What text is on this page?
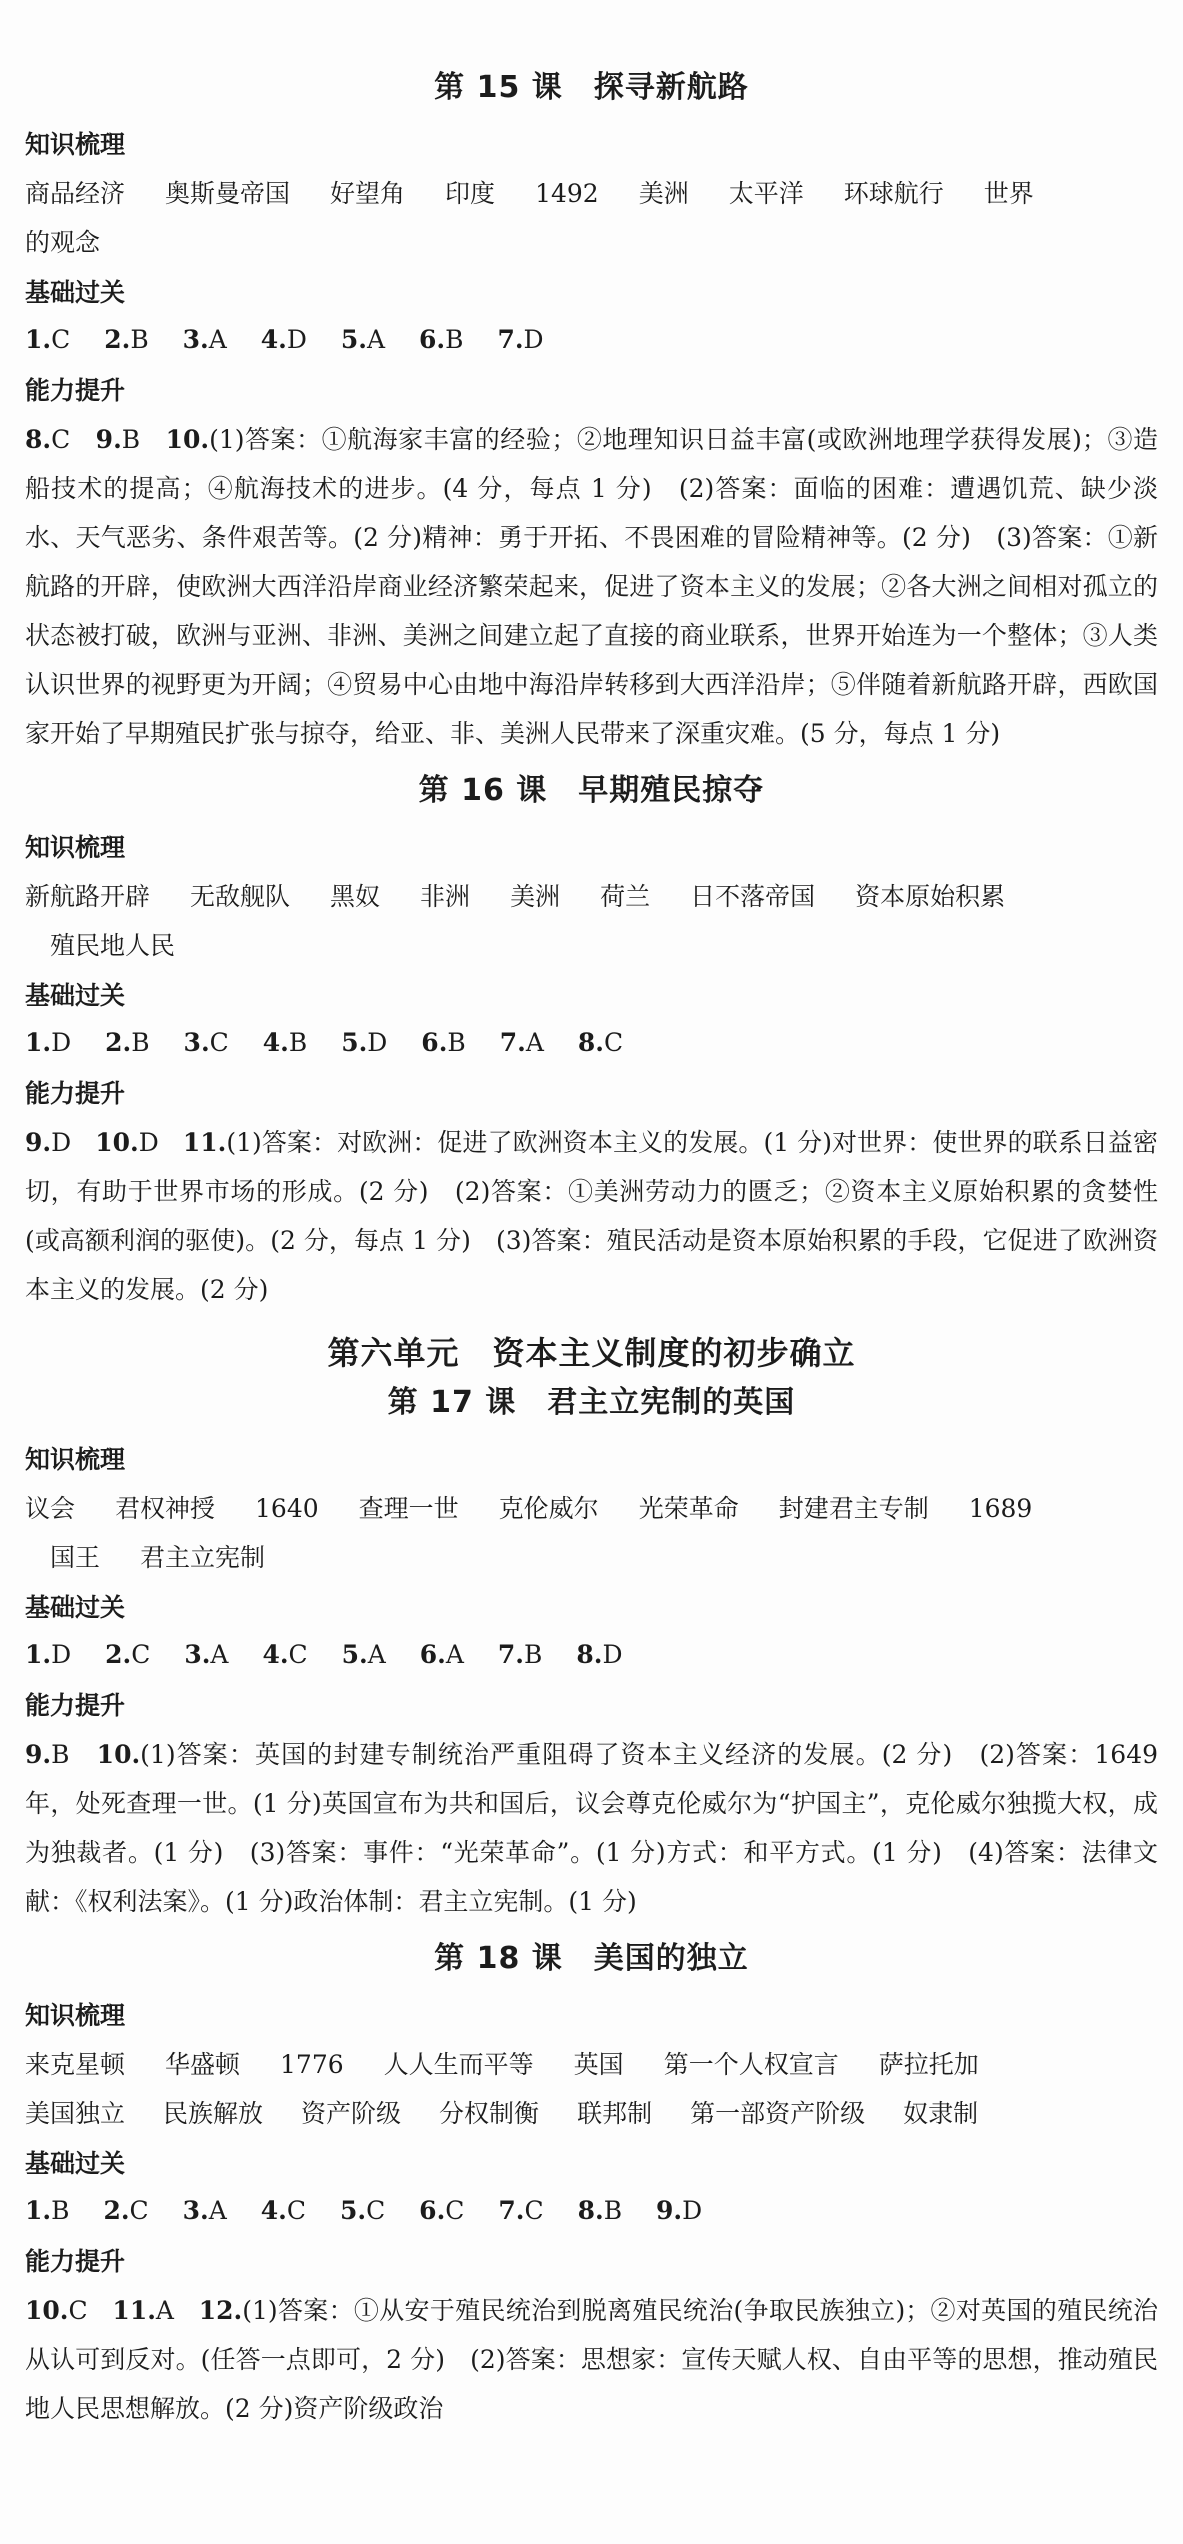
第 15 课　探寻新航路
知识梳理
商品经济 奥斯曼帝国 好望角 印度 1492 美洲 太平洋 环球航行 世界
的观念
基础过关
1.C 2.B 3.A 4.D 5.A 6.B 7.D
能力提升
8.C 9.B 10.(1)答案：①航海家丰富的经验；②地理知识日益丰富(或欧洲地理学获得发展)；③造船技术的提高；④航海技术的进步。(4 分，每点 1 分)　(2)答案：面临的困难：遭遇饥荒、缺少淡水、天气恶劣、条件艰苦等。(2 分)精神：勇于开拓、不畏困难的冒险精神等。(2 分)　(3)答案：①新航路的开辟，使欧洲大西洋沿岸商业经济繁荣起来，促进了资本主义的发展；②各大洲之间相对孤立的状态被打破，欧洲与亚洲、非洲、美洲之间建立起了直接的商业联系，世界开始连为一个整体；③人类认识世界的视野更为开阔；④贸易中心由地中海沿岸转移到大西洋沿岸；⑤伴随着新航路开辟，西欧国家开始了早期殖民扩张与掠夺，给亚、非、美洲人民带来了深重灾难。(5 分，每点 1 分)
第 16 课　早期殖民掠夺
知识梳理
新航路开辟 无敌舰队 黑奴 非洲 美洲 荷兰 日不落帝国 资本原始积累
殖民地人民
基础过关
1.D 2.B 3.C 4.B 5.D 6.B 7.A 8.C
能力提升
9.D 10.D 11.(1)答案：对欧洲：促进了欧洲资本主义的发展。(1 分)对世界：使世界的联系日益密切，有助于世界市场的形成。(2 分)　(2)答案：①美洲劳动力的匮乏；②资本主义原始积累的贪婪性(或高额利润的驱使)。(2 分，每点 1 分)　(3)答案：殖民活动是资本原始积累的手段，它促进了欧洲资本主义的发展。(2 分)
第六单元　资本主义制度的初步确立
第 17 课　君主立宪制的英国
知识梳理
议会 君权神授 1640 查理一世 克伦威尔 光荣革命 封建君主专制 1689
国王 君主立宪制
基础过关
1.D 2.C 3.A 4.C 5.A 6.A 7.B 8.D
能力提升
9.B 10.(1)答案：英国的封建专制统治严重阻碍了资本主义经济的发展。(2 分)　(2)答案：1649 年，处死查理一世。(1 分)英国宣布为共和国后，议会尊克伦威尔为“护国主”，克伦威尔独揽大权，成为独裁者。(1 分)　(3)答案：事件：“光荣革命”。(1 分)方式：和平方式。(1 分)　(4)答案：法律文献：《权利法案》。(1 分)政治体制：君主立宪制。(1 分)
第 18 课　美国的独立
知识梳理
来克星顿 华盛顿 1776 人人生而平等 英国 第一个人权宣言 萨拉托加
美国独立 民族解放 资产阶级 分权制衡 联邦制 第一部资产阶级 奴隶制
基础过关
1.B 2.C 3.A 4.C 5.C 6.C 7.C 8.B 9.D
能力提升
10.C 11.A 12.(1)答案：①从安于殖民统治到脱离殖民统治(争取民族独立)；②对英国的殖民统治从认可到反对。(任答一点即可，2 分)　(2)答案：思想家：宣传天赋人权、自由平等的思想，推动殖民地人民思想解放。(2 分)资产阶级政治
